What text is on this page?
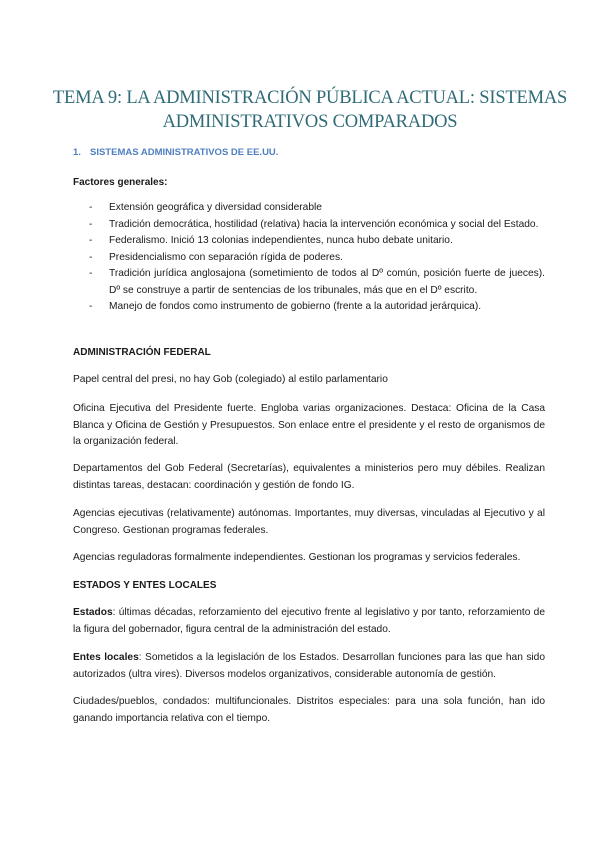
TEMA 9: LA ADMINISTRACIÓN PÚBLICA ACTUAL: SISTEMAS
ADMINISTRATIVOS COMPARADOS
1. SISTEMAS ADMINISTRATIVOS DE EE.UU.
Factores generales:
- Extensión geográfica y diversidad considerable
- Tradición democrática, hostilidad (relativa) hacia la intervención económica y social del Estado.
- Federalismo. Inició 13 colonias independientes, nunca hubo debate unitario.
- Presidencialismo con separación rígida de poderes.
- Tradición jurídica anglosajona (sometimiento de todos al Dº común, posición fuerte de jueces). Dº se construye a partir de sentencias de los tribunales, más que en el Dº escrito.
- Manejo de fondos como instrumento de gobierno (frente a la autoridad jerárquica).
ADMINISTRACIÓN FEDERAL
Papel central del presi, no hay Gob (colegiado) al estilo parlamentario
Oficina Ejecutiva del Presidente fuerte. Engloba varias organizaciones. Destaca: Oficina de la Casa Blanca y Oficina de Gestión y Presupuestos. Son enlace entre el presidente y el resto de organismos de la organización federal.
Departamentos del Gob Federal (Secretarías), equivalentes a ministerios pero muy débiles. Realizan distintas tareas, destacan: coordinación y gestión de fondo IG.
Agencias ejecutivas (relativamente) autónomas. Importantes, muy diversas, vinculadas al Ejecutivo y al Congreso. Gestionan programas federales.
Agencias reguladoras formalmente independientes. Gestionan los programas y servicios federales.
ESTADOS Y ENTES LOCALES
Estados: últimas décadas, reforzamiento del ejecutivo frente al legislativo y por tanto, reforzamiento de la figura del gobernador, figura central de la administración del estado.
Entes locales: Sometidos a la legislación de los Estados. Desarrollan funciones para las que han sido autorizados (ultra vires). Diversos modelos organizativos, considerable autonomía de gestión.
Ciudades/pueblos, condados: multifuncionales. Distritos especiales: para una sola función, han ido ganando importancia relativa con el tiempo.
